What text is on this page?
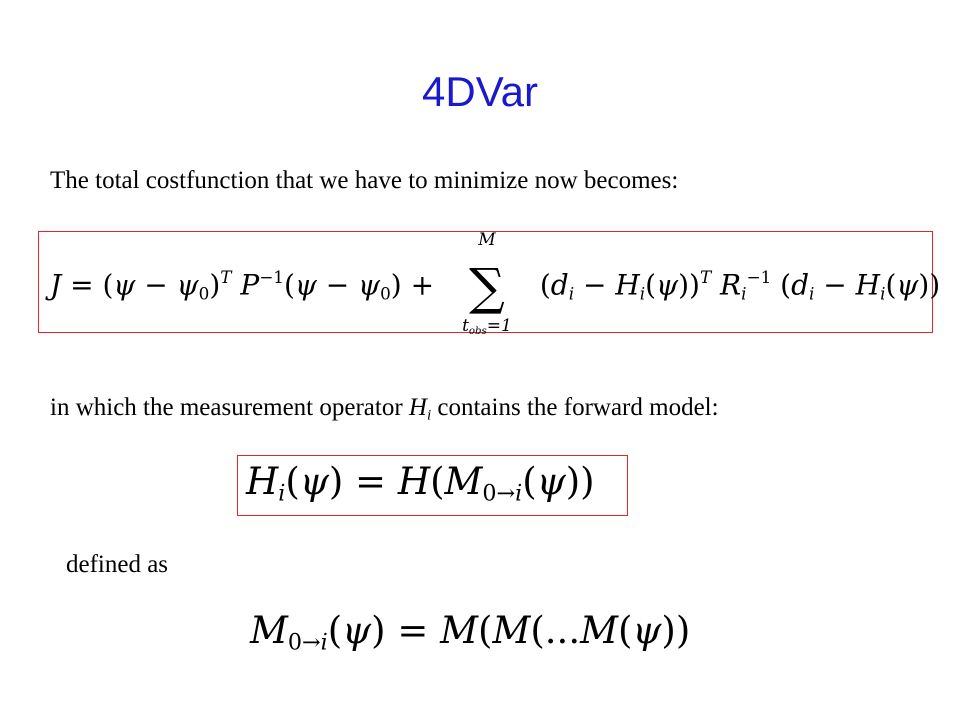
4DVar
The total costfunction that we have to minimize now becomes:
$J = (\psi - \psi_0)^T$ $P^{-1}(\psi - \psi_0)$ +
M
∑
$t_{obs}=1$
$(d_i - H_i(\psi))^T$ $R_i^{-1}$ $(d_i - H_i(\psi))$
in which the measurement operator $H_i$ contains the forward model:
$H_i(\psi) = H(M_{0\to i}(\psi))$
defined as
$M_{0\to i}(\psi) = M(M(...M(\psi))$
